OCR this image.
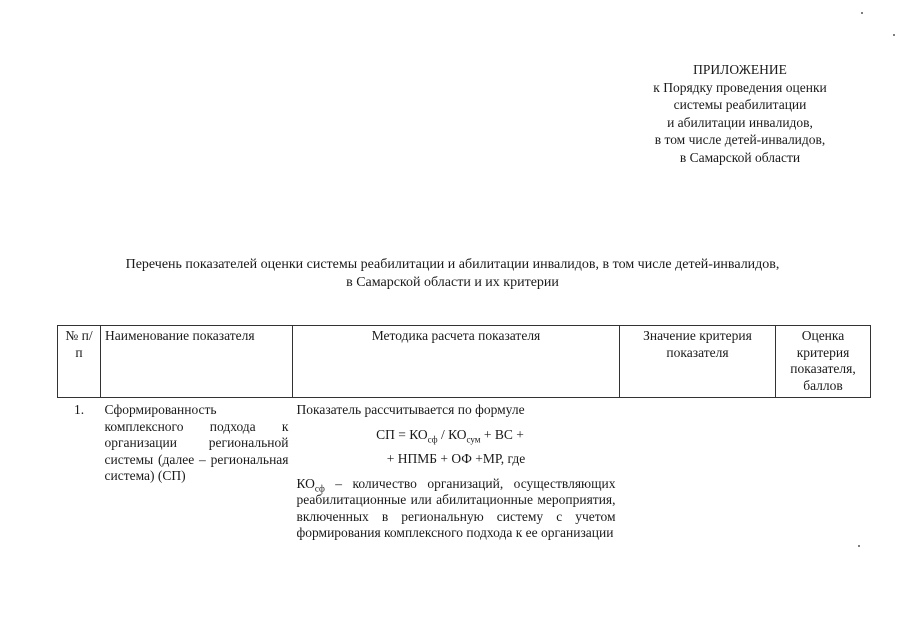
ПРИЛОЖЕНИЕ
к Порядку проведения оценки
системы реабилитации
и абилитации инвалидов,
в том числе детей-инвалидов,
в Самарской области
Перечень показателей оценки системы реабилитации и абилитации инвалидов, в том числе детей-инвалидов,
в Самарской области и их критерии
№ п/п	Наименование показателя	Методика расчета показателя	Значение критерия показателя	Оценка критерия показателя, баллов
1.	Сформированность комплексного подхода к организации региональной системы (далее – региональная система) (СП)	Показатель рассчитывается по формуле
СП = $КО_{сф} / КО_{сум}$ + ВС +
+ НПМБ + ОФ +МР, где
$КО_{сф}$ – количество организаций, осуществляющих реабилитационные или абилитационные мероприятия, включенных в региональную систему с учетом формирования комплексного подхода к ее организации		
